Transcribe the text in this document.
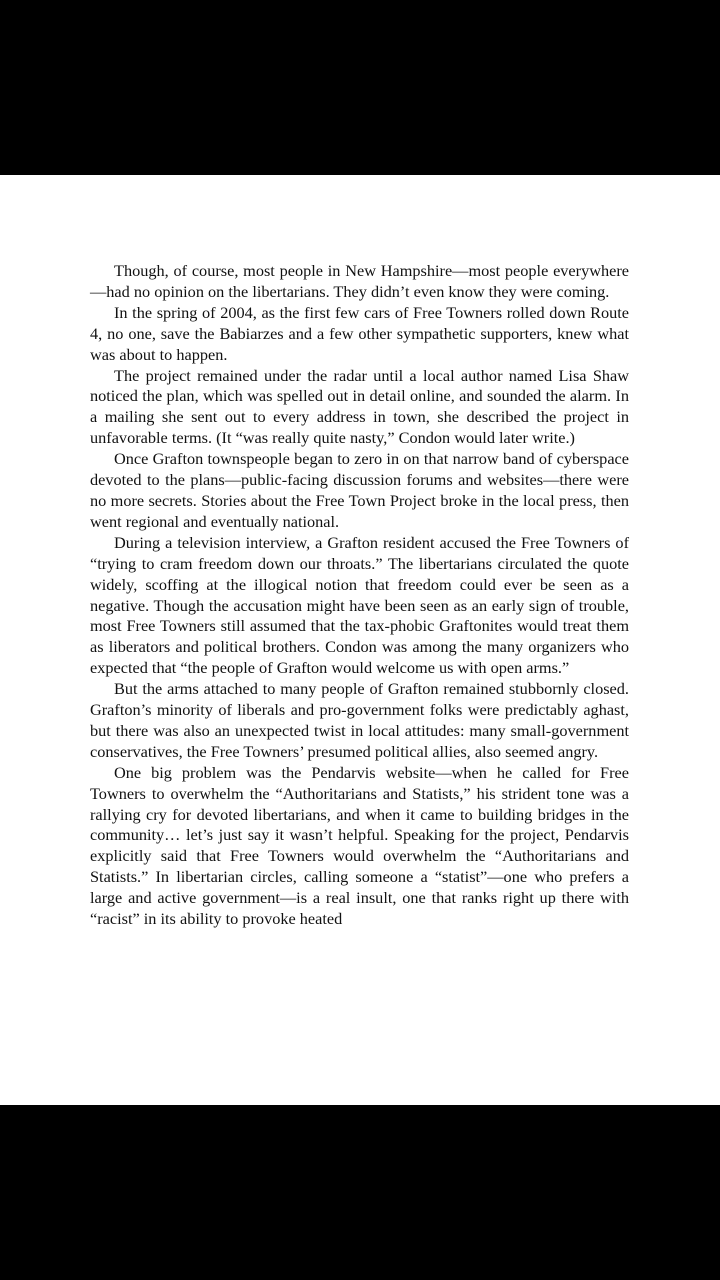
Though, of course, most people in New Hampshire—most people everywhere—had no opinion on the libertarians. They didn’t even know they were coming.

In the spring of 2004, as the first few cars of Free Towners rolled down Route 4, no one, save the Babiarzes and a few other sympathetic supporters, knew what was about to happen.

The project remained under the radar until a local author named Lisa Shaw noticed the plan, which was spelled out in detail online, and sounded the alarm. In a mailing she sent out to every address in town, she described the project in unfavorable terms. (It “was really quite nasty,” Condon would later write.)

Once Grafton townspeople began to zero in on that narrow band of cyberspace devoted to the plans—public-facing discussion forums and websites—there were no more secrets. Stories about the Free Town Project broke in the local press, then went regional and eventually national.

During a television interview, a Grafton resident accused the Free Towners of “trying to cram freedom down our throats.” The libertarians circulated the quote widely, scoffing at the illogical notion that freedom could ever be seen as a negative. Though the accusation might have been seen as an early sign of trouble, most Free Towners still assumed that the tax-phobic Graftonites would treat them as liberators and political brothers. Condon was among the many organizers who expected that “the people of Grafton would welcome us with open arms.”

But the arms attached to many people of Grafton remained stubbornly closed. Grafton’s minority of liberals and pro-government folks were predictably aghast, but there was also an unexpected twist in local attitudes: many small-government conservatives, the Free Towners’ presumed political allies, also seemed angry.

One big problem was the Pendarvis website—when he called for Free Towners to overwhelm the “Authoritarians and Statists,” his strident tone was a rallying cry for devoted libertarians, and when it came to building bridges in the community… let’s just say it wasn’t helpful. Speaking for the project, Pendarvis explicitly said that Free Towners would overwhelm the “Authoritarians and Statists.” In libertarian circles, calling someone a “statist”—one who prefers a large and active government—is a real insult, one that ranks right up there with “racist” in its ability to provoke heated
